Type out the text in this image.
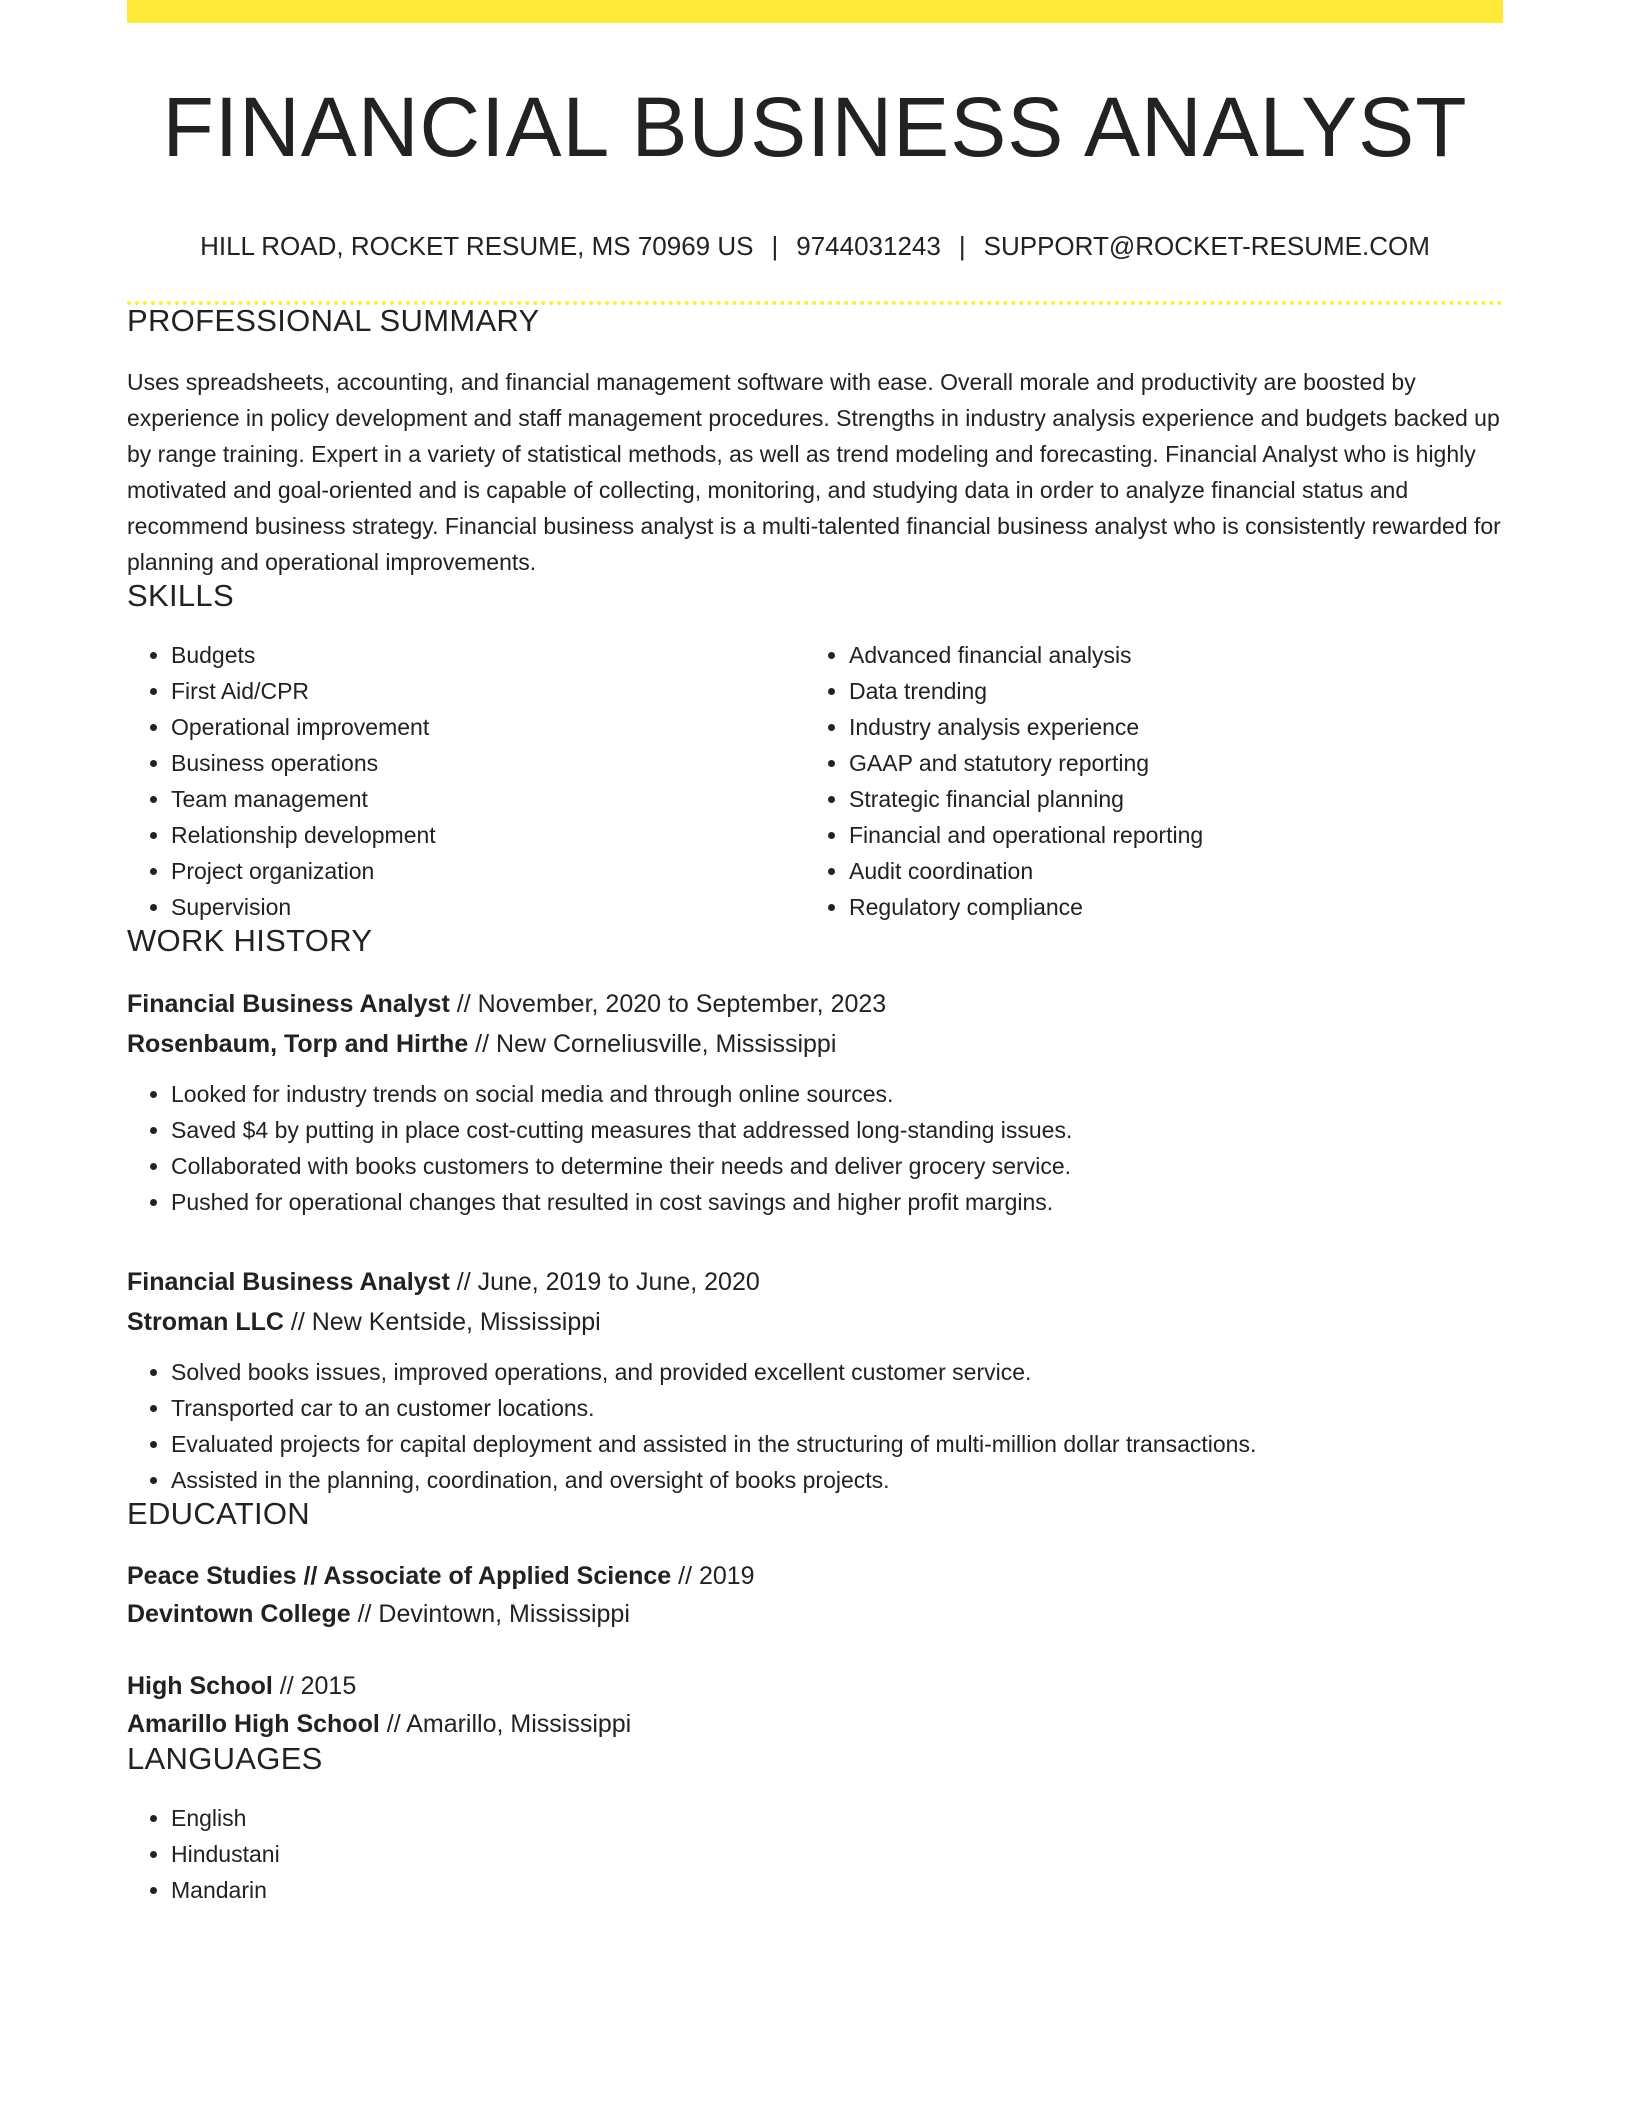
FINANCIAL BUSINESS ANALYST
HILL ROAD, ROCKET RESUME, MS 70969 US | 9744031243 | SUPPORT@ROCKET-RESUME.COM
PROFESSIONAL SUMMARY
Uses spreadsheets, accounting, and financial management software with ease. Overall morale and productivity are boosted by experience in policy development and staff management procedures. Strengths in industry analysis experience and budgets backed up by range training. Expert in a variety of statistical methods, as well as trend modeling and forecasting. Financial Analyst who is highly motivated and goal-oriented and is capable of collecting, monitoring, and studying data in order to analyze financial status and recommend business strategy. Financial business analyst is a multi-talented financial business analyst who is consistently rewarded for planning and operational improvements.
SKILLS
• Budgets
• First Aid/CPR
• Operational improvement
• Business operations
• Team management
• Relationship development
• Project organization
• Supervision
• Advanced financial analysis
• Data trending
• Industry analysis experience
• GAAP and statutory reporting
• Strategic financial planning
• Financial and operational reporting
• Audit coordination
• Regulatory compliance
WORK HISTORY
Financial Business Analyst // November, 2020 to September, 2023
Rosenbaum, Torp and Hirthe // New Corneliusville, Mississippi
• Looked for industry trends on social media and through online sources.
• Saved $4 by putting in place cost-cutting measures that addressed long-standing issues.
• Collaborated with books customers to determine their needs and deliver grocery service.
• Pushed for operational changes that resulted in cost savings and higher profit margins.
Financial Business Analyst // June, 2019 to June, 2020
Stroman LLC // New Kentside, Mississippi
• Solved books issues, improved operations, and provided excellent customer service.
• Transported car to an customer locations.
• Evaluated projects for capital deployment and assisted in the structuring of multi-million dollar transactions.
• Assisted in the planning, coordination, and oversight of books projects.
EDUCATION
Peace Studies // Associate of Applied Science // 2019
Devintown College // Devintown, Mississippi
High School // 2015
Amarillo High School // Amarillo, Mississippi
LANGUAGES
• English
• Hindustani
• Mandarin
